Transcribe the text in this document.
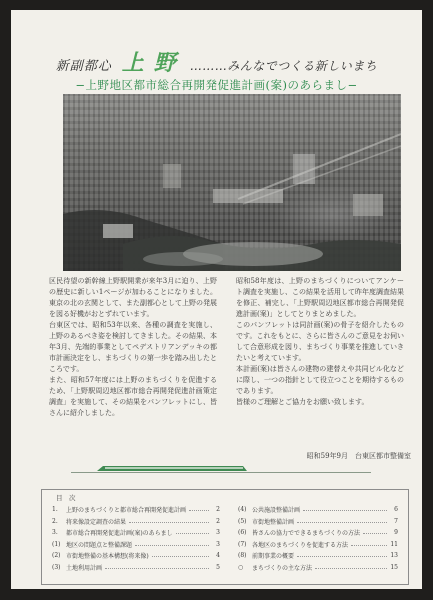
新副都心 上野 ………みんなでつくる新しいまち
−上野地区都市総合再開発促進計画(案)のあらまし−
区民待望の新幹線上野駅開業が来年3月に迫り、上野の歴史に新しい1ページが加わることになりました。東京の北の玄関として、また副都心として上野の発展を図る好機がおとずれています。
台東区では、昭和53年以来、各種の調査を実施し、上野のあるべき姿を検討してきました。その結果、本年3月、先端的事業としてペデストリアンデッキの都市計画決定をし、まちづくりの第一歩を踏み出したところです。
また、昭和57年度には上野のまちづくりを促進するため、「上野駅周辺地区都市総合再開発促進計画策定調査」を実施して、その結果をパンフレットにし、皆さんに紹介しました。
昭和58年度は、上野のまちづくりについてアンケート調査を実施し、この結果を活用して昨年度調査結果を修正、補完し、「上野駅周辺地区都市総合再開発促進計画(案)」としてとりまとめました。
このパンフレットは同計画(案)の骨子を紹介したものです。これをもとに、さらに皆さんのご意見をお伺いして合意形成を図り、まちづくり事業を推進していきたいと考えています。
本計画(案)は皆さんの建物の建替えや共同ビル化などに際し、一つの指針として役立つことを期待するものであります。
皆様のご理解とご協力をお願い致します。
昭和59年9月　台東区都市整備室
目　次
1.	上野のまちづくりと都市総合再開発促進計画	2
2.	将来像設定調査の結果	2
3.	都市総合再開発促進計画(案)のあらまし	3
(1) 地区の問題点と整備課題	3
(2) 市街地整備の基本構想(将来像)	4
(3) 土地利用計画	5
(4) 公共施設整備計画	6
(5) 市街地整備計画	7
(6) 皆さんの協力でできるまちづくりの方法	9
(7) 各地区のまちづくりを促進する方法	11
(8) 前期事業の概要	13
○	まちづくりの主な方法	15
